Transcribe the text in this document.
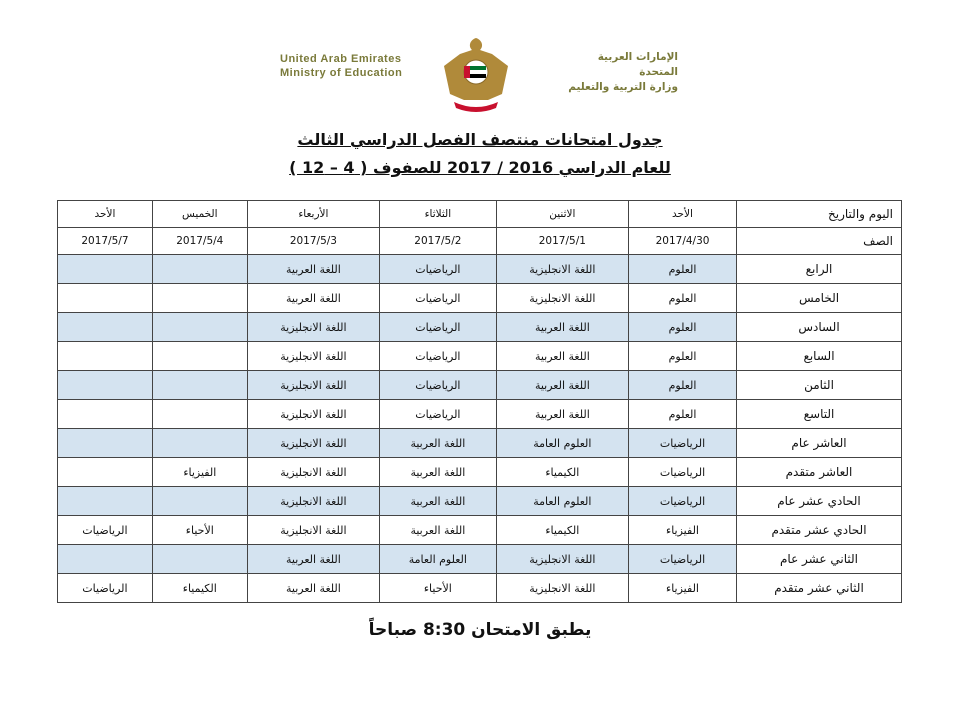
United Arab Emirates
Ministry of Education
الإمارات العربية المتحدة
وزارة التربية والتعليم
جدول امتحانات منتصف الفصل الدراسي الثالث
للعام الدراسي 2016 / 2017 للصفوف ( 4 – 12 )
اليوم والتاريخ	الأحد	الاثنين	الثلاثاء	الأربعاء	الخميس	الأحد
الصف	2017/4/30	2017/5/1	2017/5/2	2017/5/3	2017/5/4	2017/5/7
الرابع	العلوم	اللغة الانجليزية	الرياضيات	اللغة العربية		
الخامس	العلوم	اللغة الانجليزية	الرياضيات	اللغة العربية		
السادس	العلوم	اللغة العربية	الرياضيات	اللغة الانجليزية		
السابع	العلوم	اللغة العربية	الرياضيات	اللغة الانجليزية		
الثامن	العلوم	اللغة العربية	الرياضيات	اللغة الانجليزية		
التاسع	العلوم	اللغة العربية	الرياضيات	اللغة الانجليزية		
العاشر عام	الرياضيات	العلوم العامة	اللغة العربية	اللغة الانجليزية		
العاشر متقدم	الرياضيات	الكيمياء	اللغة العربية	اللغة الانجليزية	الفيزياء	
الحادي عشر عام	الرياضيات	العلوم العامة	اللغة العربية	اللغة الانجليزية		
الحادي عشر متقدم	الفيزياء	الكيمياء	اللغة العربية	اللغة الانجليزية	الأحياء	الرياضيات
الثاني عشر عام	الرياضيات	اللغة الانجليزية	العلوم العامة	اللغة العربية		
الثاني عشر متقدم	الفيزياء	اللغة الانجليزية	الأحياء	اللغة العربية	الكيمياء	الرياضيات
يطبق الامتحان 8:30 صباحاً
